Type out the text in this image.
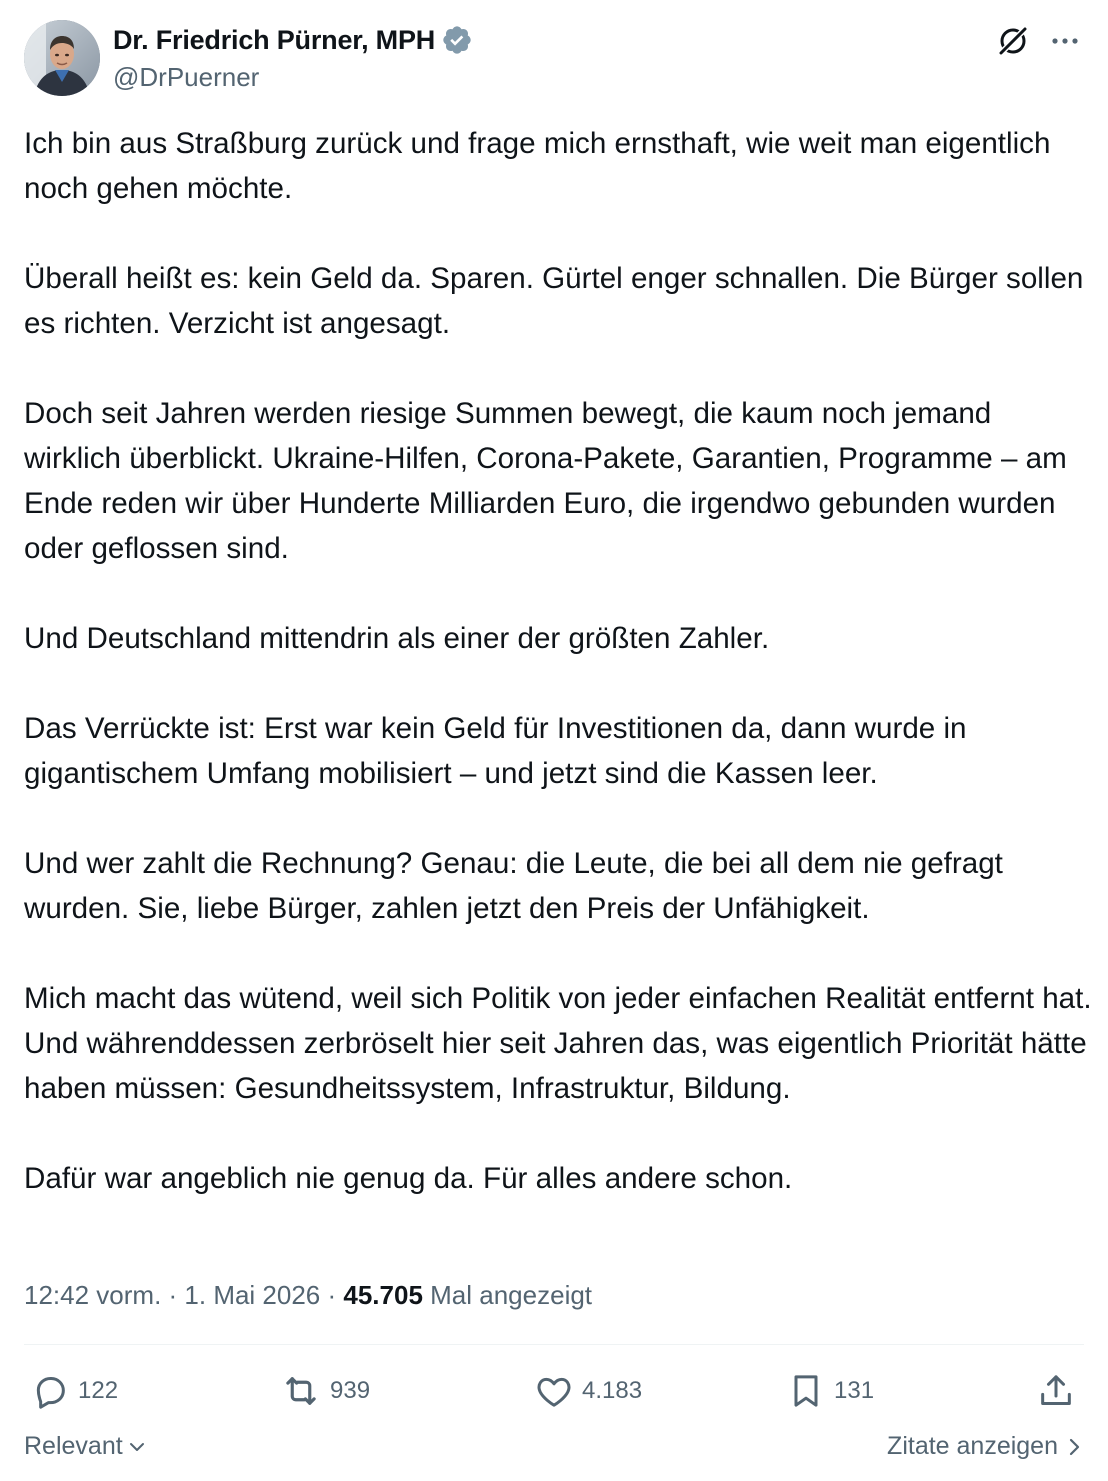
Dr. Friedrich Pürner, MPH
@DrPuerner

Ich bin aus Straßburg zurück und frage mich ernsthaft, wie weit man eigentlich noch gehen möchte.

Überall heißt es: kein Geld da. Sparen. Gürtel enger schnallen. Die Bürger sollen es richten. Verzicht ist angesagt.

Doch seit Jahren werden riesige Summen bewegt, die kaum noch jemand wirklich überblickt. Ukraine-Hilfen, Corona-Pakete, Garantien, Programme – am Ende reden wir über Hunderte Milliarden Euro, die irgendwo gebunden wurden oder geflossen sind.

Und Deutschland mittendrin als einer der größten Zahler.

Das Verrückte ist: Erst war kein Geld für Investitionen da, dann wurde in gigantischem Umfang mobilisiert – und jetzt sind die Kassen leer.

Und wer zahlt die Rechnung? Genau: die Leute, die bei all dem nie gefragt wurden. Sie, liebe Bürger, zahlen jetzt den Preis der Unfähigkeit.

Mich macht das wütend, weil sich Politik von jeder einfachen Realität entfernt hat. Und währenddessen zerbröselt hier seit Jahren das, was eigentlich Priorität hätte haben müssen: Gesundheitssystem, Infrastruktur, Bildung.

Dafür war angeblich nie genug da. Für alles andere schon.

12:42 vorm. · 1. Mai 2026 · 45.705 Mal angezeigt
122	939	4.183	131
Relevant	Zitate anzeigen
